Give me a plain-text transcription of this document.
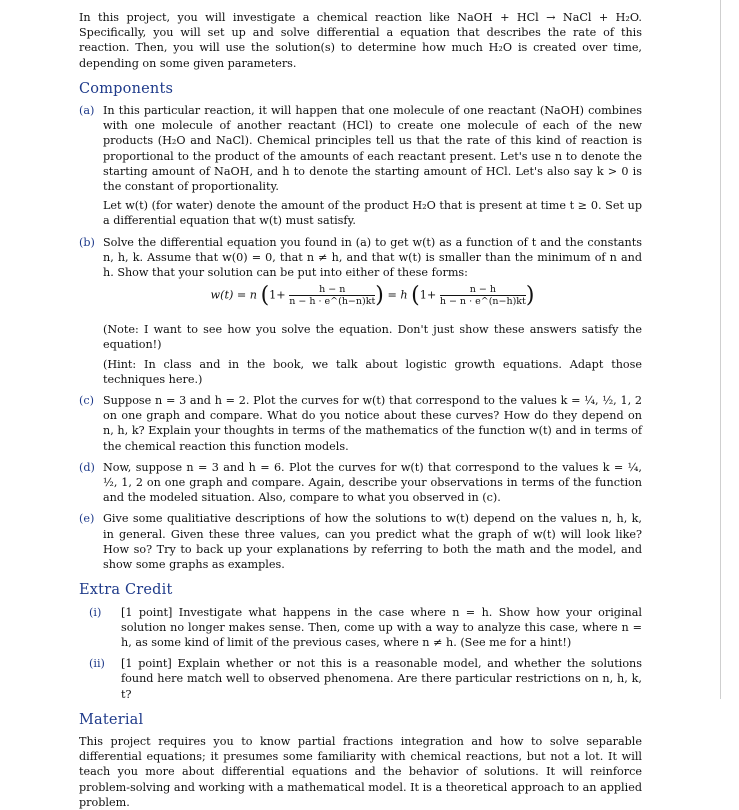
In this project, you will investigate a chemical reaction like NaOH + HCl → NaCl + H₂O. Specifically, you will set up and solve differential a equation that describes the rate of this reaction. Then, you will use the solution(s) to determine how much H₂O is created over time, depending on some given parameters.

Components
(a) In this particular reaction, it will happen that one molecule of one reactant (NaOH) combines with one molecule of another reactant (HCl) to create one molecule of each of the new products (H₂O and NaCl). Chemical principles tell us that the rate of this kind of reaction is proportional to the product of the amounts of each reactant present. Let's use n to denote the starting amount of NaOH, and h to denote the starting amount of HCl. Let's also say k > 0 is the constant of proportionality.

Let w(t) (for water) denote the amount of the product H₂O that is present at time t ≥ 0. Set up a differential equation that w(t) must satisfy.

(b) Solve the differential equation you found in (a) to get w(t) as a function of t and the constants n, h, k. Assume that w(0) = 0, that n ≠ h, and that w(t) is smaller than the minimum of n and h. Show that your solution can be put into either of these forms:

w(t) = n ($1+ \frac{h - n}{n - h \cdot e\^{}(h-n)kt}$ ) = h ($1+ \frac{n - h}{h - n \cdot e\^{}(n-h)kt}$ )

(Note: I want to see how you solve the equation. Don't just show these answers satisfy the equation!)

(Hint: In class and in the book, we talk about logistic growth equations. Adapt those techniques here.)

(c) Suppose n = 3 and h = 2. Plot the curves for w(t) that correspond to the values k = ¼, ½, 1, 2 on one graph and compare. What do you notice about these curves? How do they depend on n, h, k? Explain your thoughts in terms of the mathematics of the function w(t) and in terms of the chemical reaction this function models.

(d) Now, suppose n = 3 and h = 6. Plot the curves for w(t) that correspond to the values k = ¼, ½, 1, 2 on one graph and compare. Again, describe your observations in terms of the function and the modeled situation. Also, compare to what you observed in (c).

(e) Give some qualitiative descriptions of how the solutions to w(t) depend on the values n, h, k, in general. Given these three values, can you predict what the graph of w(t) will look like? How so? Try to back up your explanations by referring to both the math and the model, and show some graphs as examples.

Extra Credit
(i) [1 point] Investigate what happens in the case where n = h. Show how your original solution no longer makes sense. Then, come up with a way to analyze this case, where n = h, as some kind of limit of the previous cases, where n ≠ h. (See me for a hint!)

(ii) [1 point] Explain whether or not this is a reasonable model, and whether the solutions found here match well to observed phenomena. Are there particular restrictions on n, h, k, t?

Material

This project requires you to know partial fractions integration and how to solve separable differential equations; it presumes some familiarity with chemical reactions, but not a lot. It will teach you more about differential equations and the behavior of solutions. It will reinforce problem-solving and working with a mathematical model. It is a theoretical approach to an applied problem.
